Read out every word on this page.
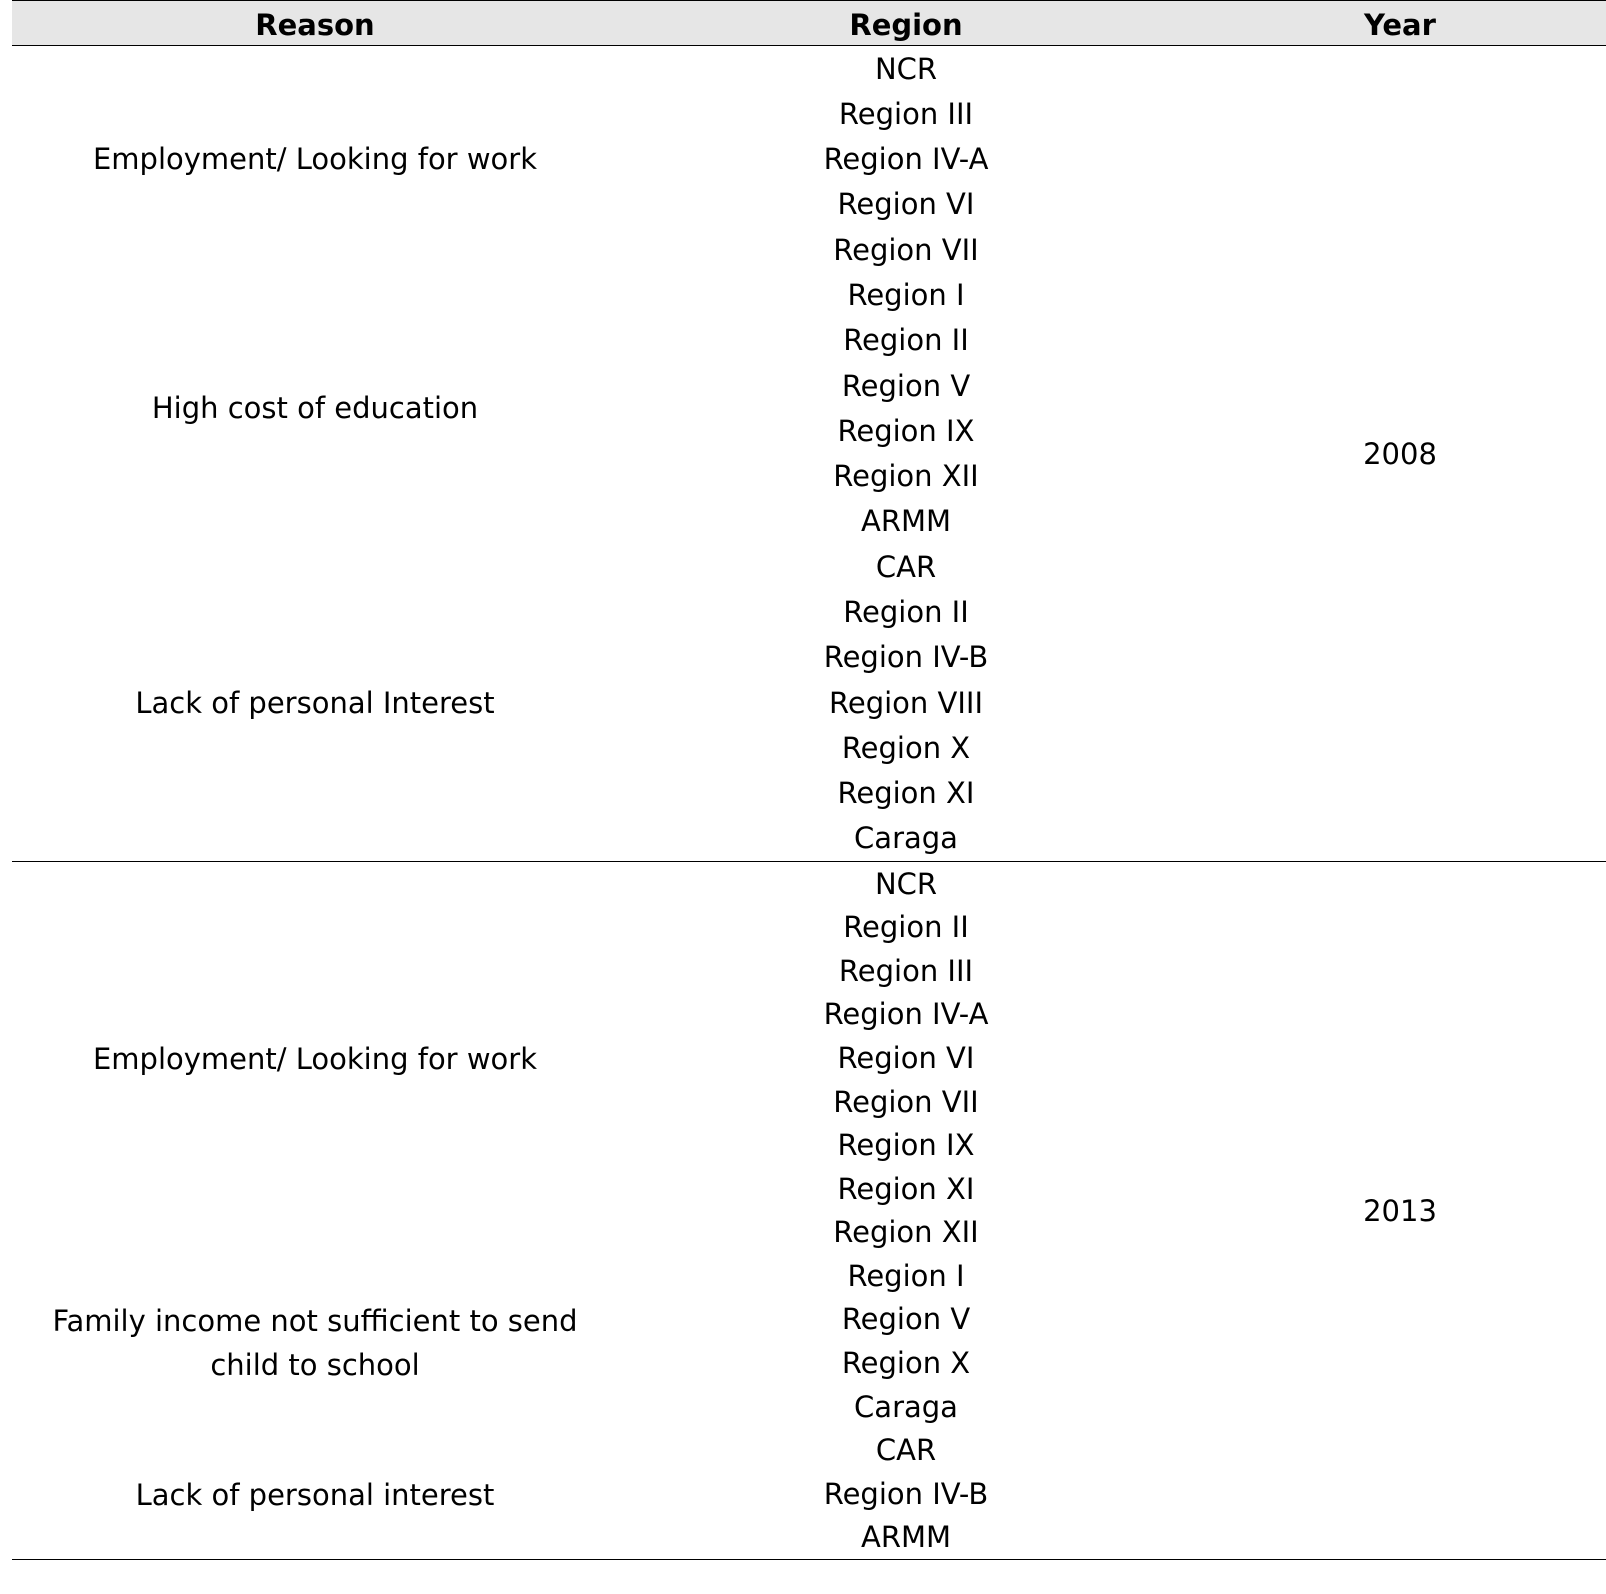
Reason	Region	Year
Employment/ Looking for work
High cost of education
Lack of personal Interest
NCR
Region III
Region IV-A
Region VI
Region VII
Region I
Region II
Region V
Region IX
Region XII
ARMM
CAR
Region II
Region IV-B
Region VIII
Region X
Region XI
Caraga
2008
Employment/ Looking for work
Family income not sufficient to send child to school
Lack of personal interest
NCR
Region II
Region III
Region IV-A
Region VI
Region VII
Region IX
Region XI
Region XII
Region I
Region V
Region X
Caraga
CAR
Region IV-B
ARMM
2013
